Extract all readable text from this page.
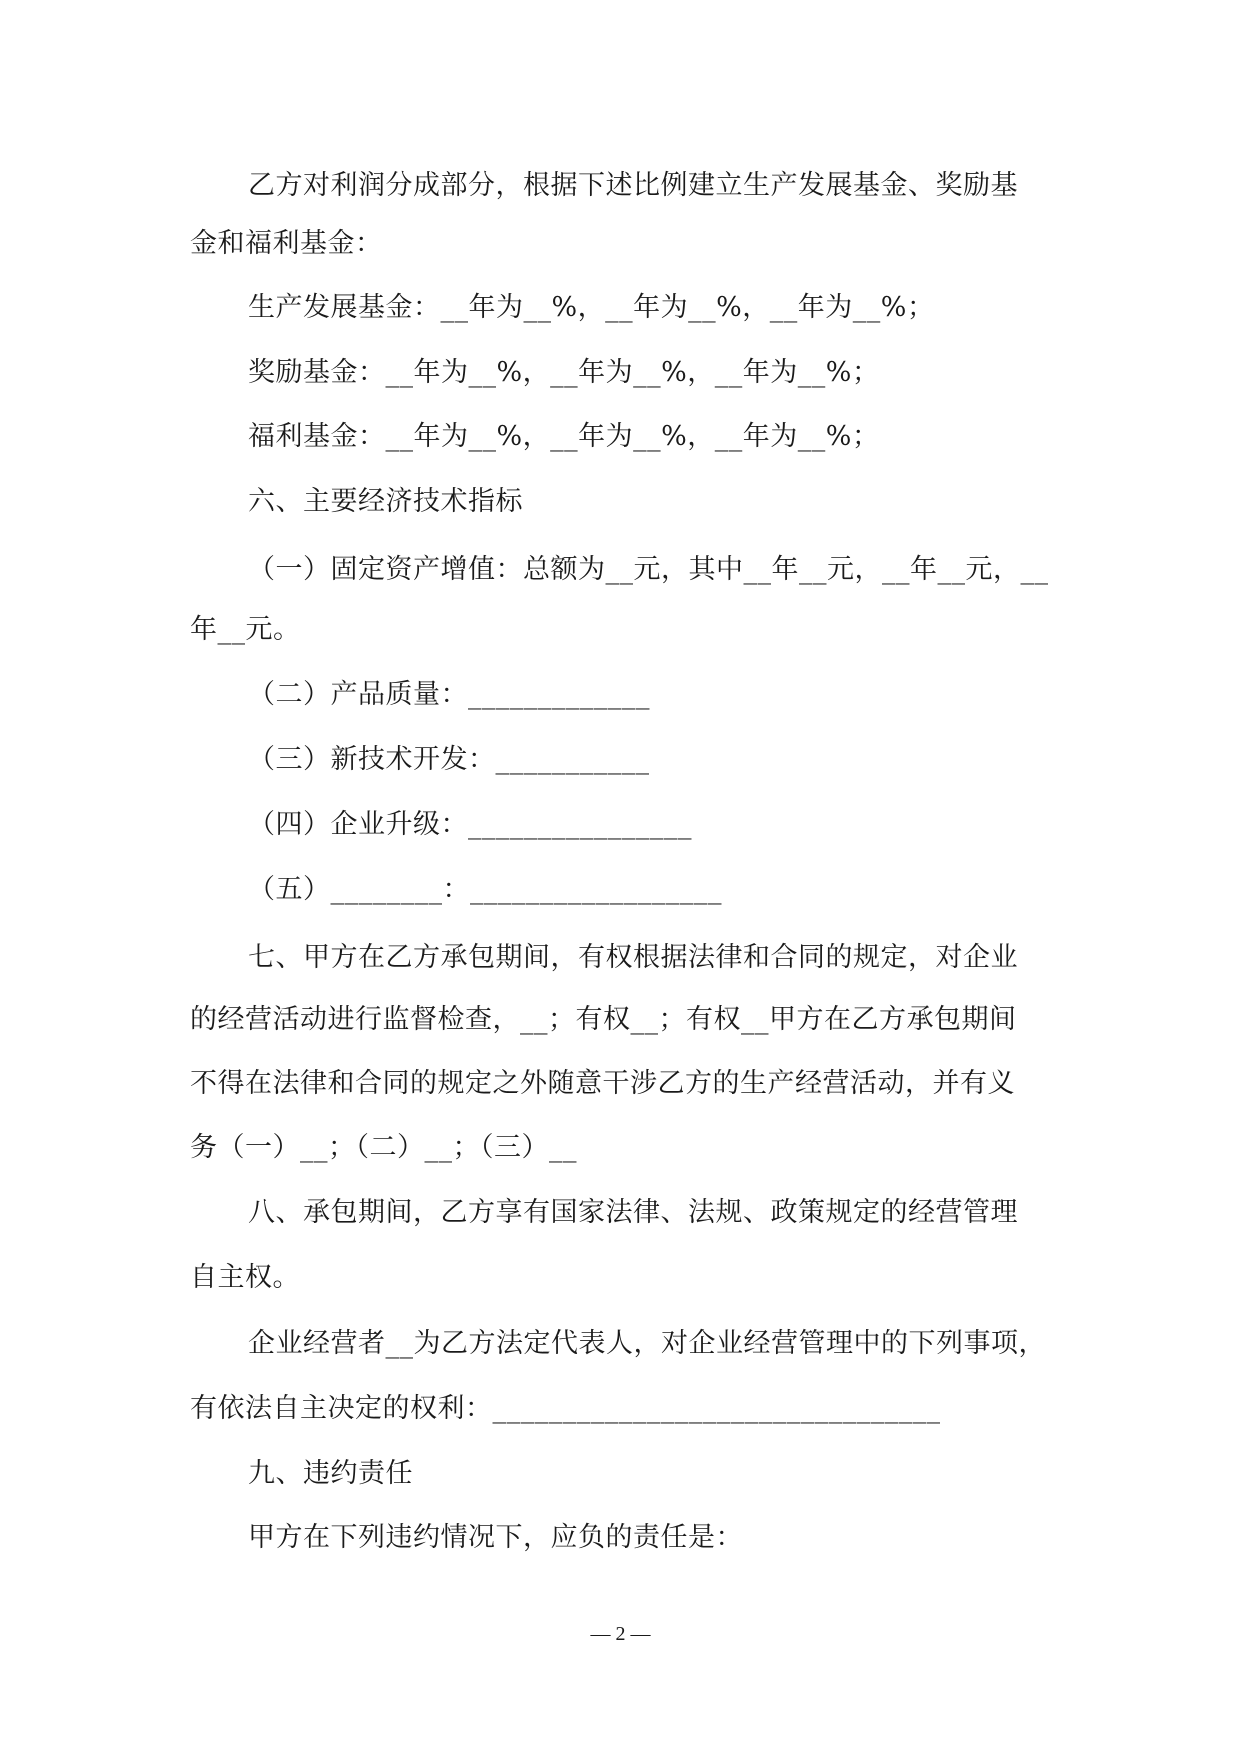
乙方对利润分成部分，根据下述比例建立生产发展基金、奖励基
金和福利基金：
生产发展基金：__年为__%，__年为__%，__年为__%；
奖励基金：__年为__%，__年为__%，__年为__%；
福利基金：__年为__%，__年为__%，__年为__%；
六、主要经济技术指标
（一）固定资产增值：总额为__元，其中__年__元，__年__元，__
年__元。
（二）产品质量：_____________
（三）新技术开发：___________
（四）企业升级：________________
（五）________：__________________
七、甲方在乙方承包期间，有权根据法律和合同的规定，对企业
的经营活动进行监督检查，__；有权__；有权__甲方在乙方承包期间
不得在法律和合同的规定之外随意干涉乙方的生产经营活动，并有义
务（一）__；（二）__；（三）__
八、承包期间，乙方享有国家法律、法规、政策规定的经营管理
自主权。
企业经营者__为乙方法定代表人，对企业经营管理中的下列事项，
有依法自主决定的权利：________________________________
九、违约责任
甲方在下列违约情况下，应负的责任是：
— 2 —
